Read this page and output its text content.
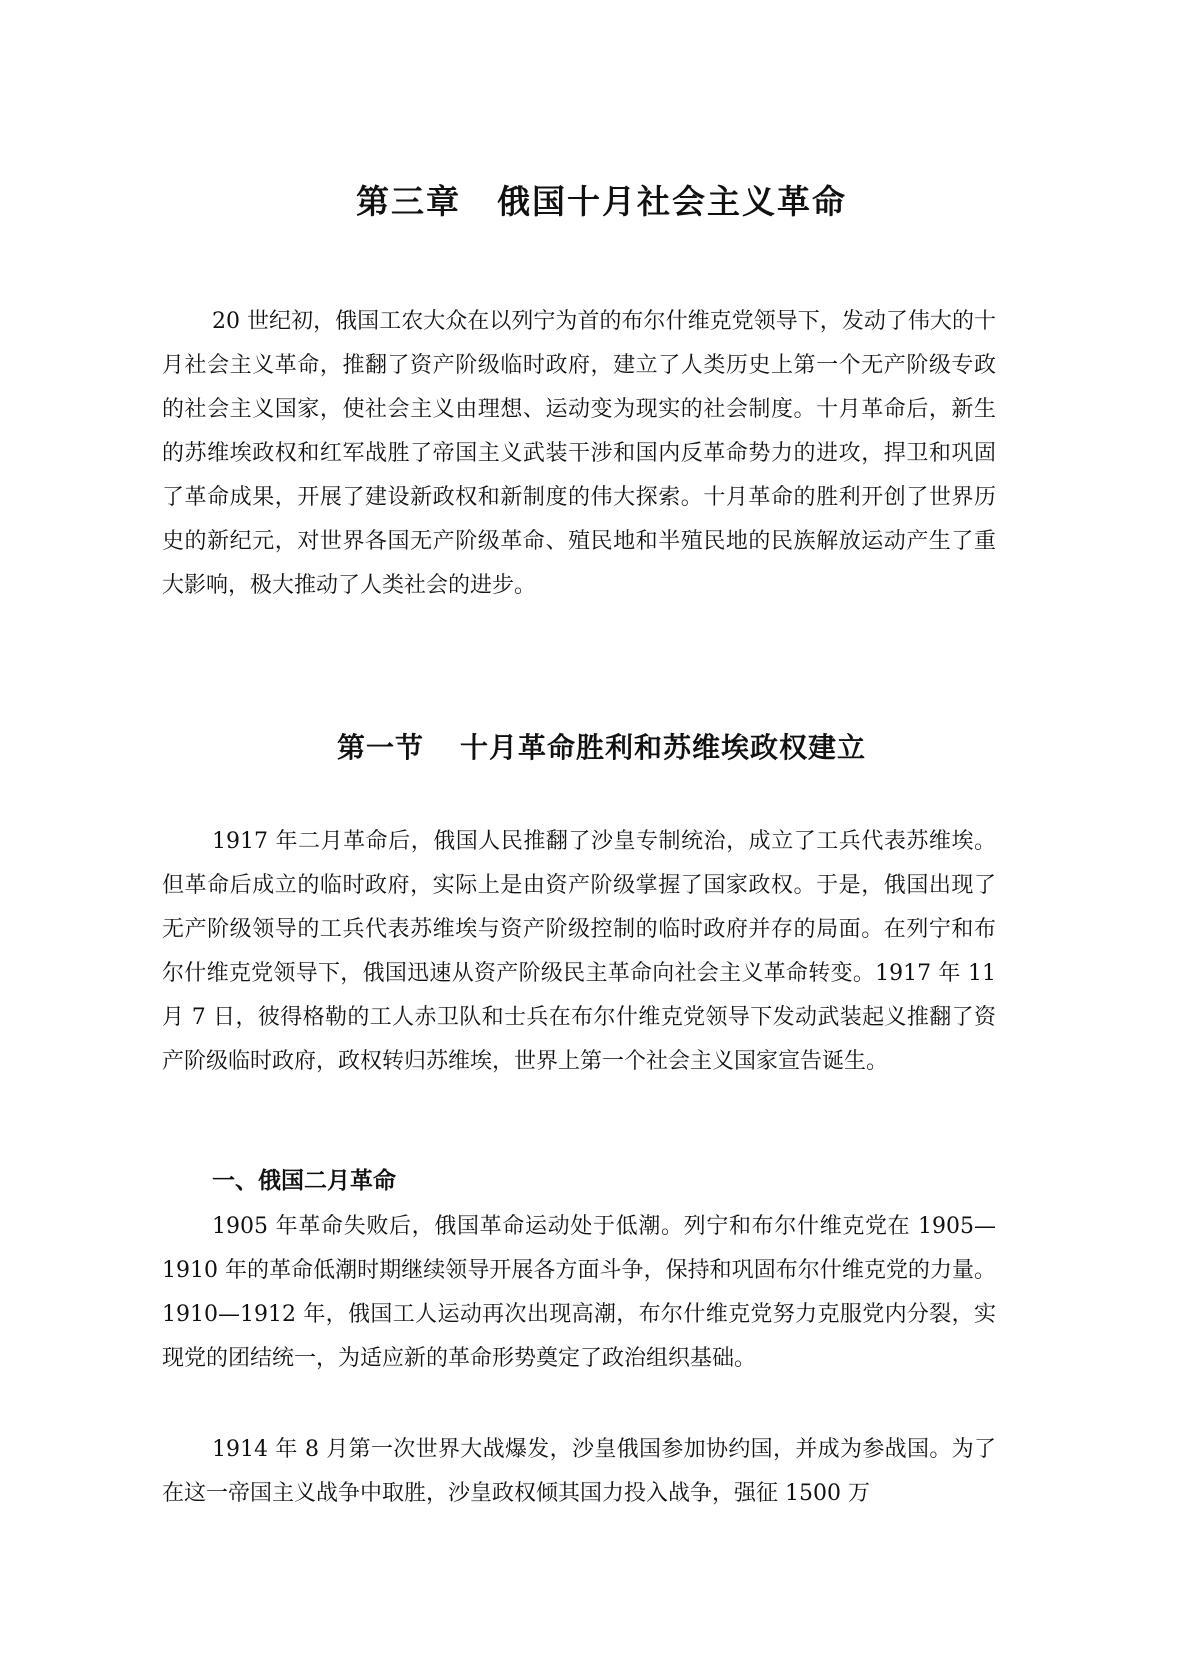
第三章 俄国十月社会主义革命

20 世纪初，俄国工农大众在以列宁为首的布尔什维克党领导下，发动了伟大的十月社会主义革命，推翻了资产阶级临时政府，建立了人类历史上第一个无产阶级专政的社会主义国家，使社会主义由理想、运动变为现实的社会制度。十月革命后，新生的苏维埃政权和红军战胜了帝国主义武装干涉和国内反革命势力的进攻，捍卫和巩固了革命成果，开展了建设新政权和新制度的伟大探索。十月革命的胜利开创了世界历史的新纪元，对世界各国无产阶级革命、殖民地和半殖民地的民族解放运动产生了重大影响，极大推动了人类社会的进步。

第一节 十月革命胜利和苏维埃政权建立

1917 年二月革命后，俄国人民推翻了沙皇专制统治，成立了工兵代表苏维埃。但革命后成立的临时政府，实际上是由资产阶级掌握了国家政权。于是，俄国出现了无产阶级领导的工兵代表苏维埃与资产阶级控制的临时政府并存的局面。在列宁和布尔什维克党领导下，俄国迅速从资产阶级民主革命向社会主义革命转变。1917 年 11 月 7 日，彼得格勒的工人赤卫队和士兵在布尔什维克党领导下发动武装起义推翻了资产阶级临时政府，政权转归苏维埃，世界上第一个社会主义国家宣告诞生。

一、俄国二月革命

1905 年革命失败后，俄国革命运动处于低潮。列宁和布尔什维克党在 1905—1910 年的革命低潮时期继续领导开展各方面斗争，保持和巩固布尔什维克党的力量。1910—1912 年，俄国工人运动再次出现高潮，布尔什维克党努力克服党内分裂，实现党的团结统一，为适应新的革命形势奠定了政治组织基础。

1914 年 8 月第一次世界大战爆发，沙皇俄国参加协约国，并成为参战国。为了在这一帝国主义战争中取胜，沙皇政权倾其国力投入战争，强征 1500 万
